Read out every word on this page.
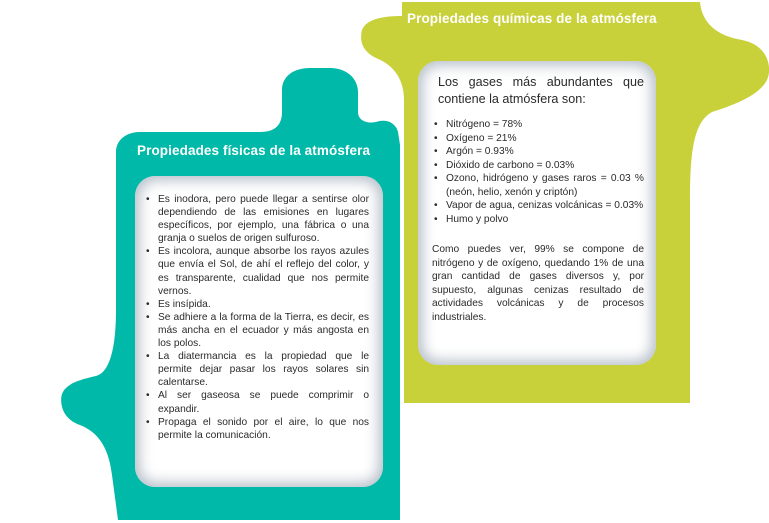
Propiedades químicas de la atmósfera
Propiedades físicas de la atmósfera

Los gases más abundantes que contiene la atmósfera son:

• Nitrógeno = 78%
• Oxígeno = 21%
• Argón = 0.93%
• Dióxido de carbono = 0.03%
• Ozono, hidrógeno y gases raros = 0.03 % (neón, helio, xenón y criptón)
• Vapor de agua, cenizas volcánicas = 0.03%
• Humo y polvo

Como puedes ver, 99% se compone de nitrógeno y de oxígeno, quedando 1% de una gran cantidad de gases diversos y, por supuesto, algunas cenizas resultado de actividades volcánicas y de procesos industriales.

• Es inodora, pero puede llegar a sentirse olor dependiendo de las emisiones en lugares específicos, por ejemplo, una fábrica o una granja o suelos de origen sulfuroso.
• Es incolora, aunque absorbe los rayos azules que envía el Sol, de ahí el reflejo del color, y es transparente, cualidad que nos permite vernos.
• Es insípida.
• Se adhiere a la forma de la Tierra, es decir, es más ancha en el ecuador y más angosta en los polos.
• La diatermancia es la propiedad que le permite dejar pasar los rayos solares sin calentarse.
• Al ser gaseosa se puede comprimir o expandir.
• Propaga el sonido por el aire, lo que nos permite la comunicación.
